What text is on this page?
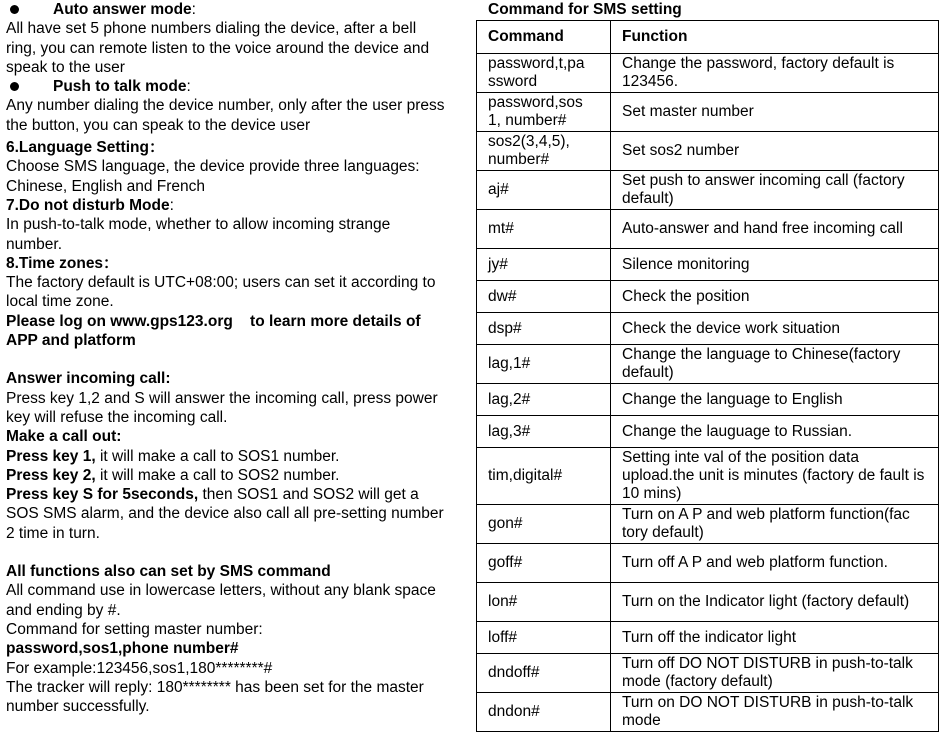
Auto answer mode:

All have set 5 phone numbers dialing the device, after a bell ring, you can remote listen to the voice around the device and speak to the user

Push to talk mode:

Any number dialing the device number, only after the user press the button, you can speak to the device user

6.Language Setting：

Choose SMS language, the device provide three languages: Chinese, English and French

7.Do not disturb Mode:

In push-to-talk mode, whether to allow incoming strange number.

8.Time zones：

The factory default is UTC+08:00; users can set it according to local time zone.

Please log on www.gps123.org    to learn more details of APP and platform

Answer incoming call:

Press key 1,2 and S will answer the incoming call, press power key will refuse the incoming call.

Make a call out:

Press key 1, it will make a call to SOS1 number.

Press key 2, it will make a call to SOS2 number.

Press key S for 5seconds, then SOS1 and SOS2 will get a SOS SMS alarm, and the device also call all pre-setting number    2 time in turn.

All functions also can set by SMS command

All command use in lowercase letters, without any blank space and ending by #.

Command for setting master number:

password,sos1,phone number#

For example:123456,sos1,180********#

The tracker will reply: 180******** has been set for the master number successfully.

Command for SMS setting

Command	Function
password,t,pa ssword	Change the password, factory default is 123456.
password,sos 1, number#	Set master number
sos2(3,4,5), number#	Set sos2 number
aj#	Set push to answer incoming call (factory default)
mt#	Auto-answer and hand free incoming call
jy#	Silence monitoring
dw#	Check the position
dsp#	Check the device work situation
lag,1#	Change the language to Chinese(factory default)
lag,2#	Change the language to English
lag,3#	Change the lauguage to Russian.
tim,digital#	Setting inte val of the position data upload.the unit is minutes (factory de fault is 10 mins)
gon#	Turn on A P and web platform function(fac tory default)
goff#	Turn off A P and web platform function.
lon#	Turn on the Indicator light (factory default)
loff#	Turn off the indicator light
dndoff#	Turn off DO NOT DISTURB in push-to-talk mode (factory default)
dndon#	Turn on DO NOT DISTURB in push-to-talk mode
